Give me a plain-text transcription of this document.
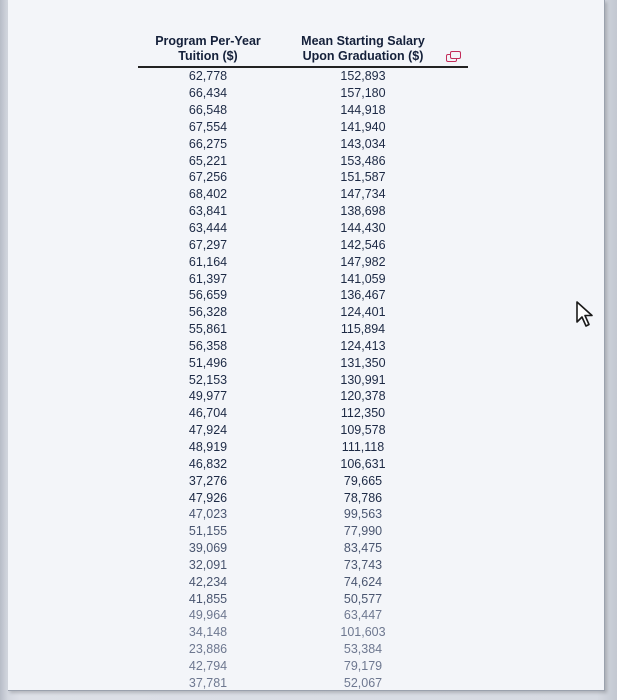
Program Per-Year Tuition ($)
Mean Starting Salary Upon Graduation ($)
62,778	152,893
66,434	157,180
66,548	144,918
67,554	141,940
66,275	143,034
65,221	153,486
67,256	151,587
68,402	147,734
63,841	138,698
63,444	144,430
67,297	142,546
61,164	147,982
61,397	141,059
56,659	136,467
56,328	124,401
55,861	115,894
56,358	124,413
51,496	131,350
52,153	130,991
49,977	120,378
46,704	112,350
47,924	109,578
48,919	111,118
46,832	106,631
37,276	79,665
47,926	78,786
47,023	99,563
51,155	77,990
39,069	83,475
32,091	73,743
42,234	74,624
41,855	50,577
49,964	63,447
34,148	101,603
23,886	53,384
42,794	79,179
37,781	52,067
